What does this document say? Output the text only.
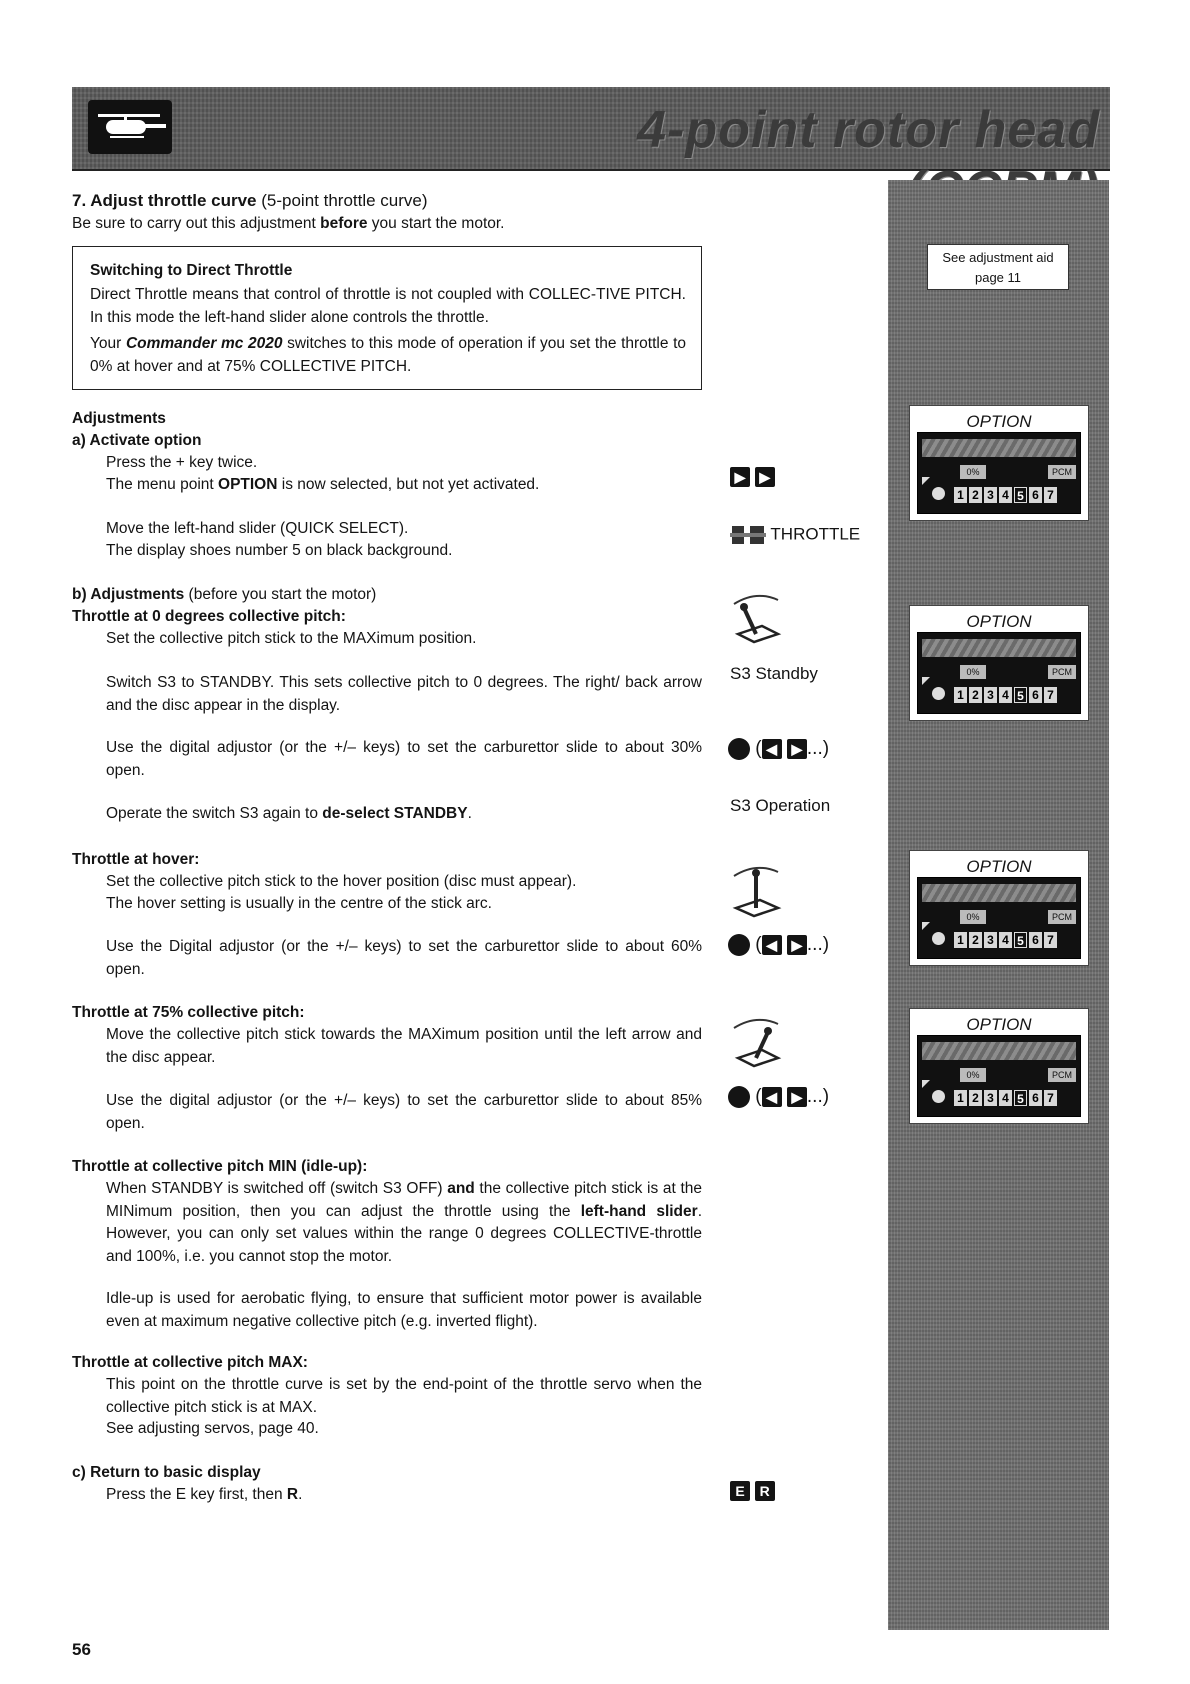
4-point rotor head
See adjustment aid
page 11
OPTION
0%	PCM
1 2 3 4 5 6 7
OPTION
0%	PCM
1 2 3 4 5 6 7
OPTION
0%	PCM
1 2 3 4 5 6 7
OPTION
0%	PCM
1 2 3 4 5 6 7

7. Adjust throttle curve (5-point throttle curve)

Be sure to carry out this adjustment before you start the motor.

Switching to Direct Throttle

Direct Throttle means that control of throttle is not coupled with COLLEC-TIVE PITCH. In this mode the left-hand slider alone controls the throttle.

Your Commander mc 2020 switches to this mode of operation if you set the throttle to 0% at hover and at 75% COLLECTIVE PITCH.

Adjustments

a) Activate option

Press the + key twice.

The menu point OPTION is now selected, but not yet activated.

Move the left-hand slider (QUICK SELECT).

The display shoes number 5 on black background.

b) Adjustments (before you start the motor)

Throttle at 0 degrees collective pitch:

Set the collective pitch stick to the MAXimum position.

Switch S3 to STANDBY. This sets collective pitch to 0 degrees. The right/ back arrow and the disc appear in the display.

Use the digital adjustor (or the +/– keys) to set the carburettor slide to about 30% open.

Operate the switch S3 again to de-select STANDBY.

Throttle at hover:

Set the collective pitch stick to the hover position (disc must appear).

The hover setting is usually in the centre of the stick arc.

Use the Digital adjustor (or the +/– keys) to set the carburettor slide to about 60% open.

Throttle at 75% collective pitch:

Move the collective pitch stick towards the MAXimum position until the left arrow and the disc appear.

Use the digital adjustor (or the +/– keys) to set the carburettor slide to about 85% open.

Throttle at collective pitch MIN (idle-up):

When STANDBY is switched off (switch S3 OFF) and the collective pitch stick is at the MINimum position, then you can adjust the throttle using the left-hand slider. However, you can only set values within the range 0 degrees COLLECTIVE-throttle and 100%, i.e. you cannot stop the motor.

Idle-up is used for aerobatic flying, to ensure that sufficient motor power is available even at maximum negative collective pitch (e.g. inverted flight).

Throttle at collective pitch MAX:

This point on the throttle curve is set by the end-point of the throttle servo when the collective pitch stick is at MAX.

See adjusting servos, page 40.

c) Return to basic display

Press the E key first, then R.

▶ ▶
THROTTLE
S3 Standby
( ◀ ▶ ...)
S3 Operation
( ◀ ▶ ...)
( ◀ ▶ ...)
E R
56
